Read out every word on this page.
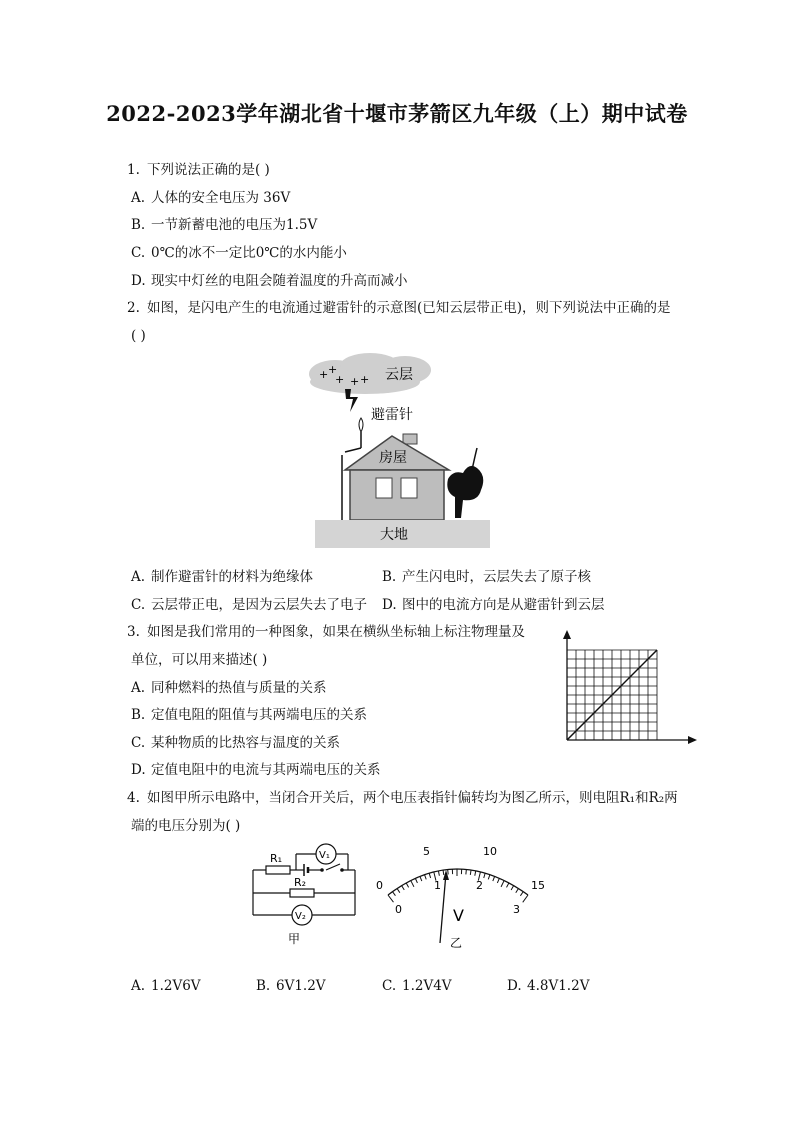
2022-2023学年湖北省十堰市茅箭区九年级（上）期中试卷
1. 下列说法正确的是( )
A. 人体的安全电压为 36V
B. 一节新蓄电池的电压为1.5V
C. 0℃的冰不一定比0℃的水内能小
D. 现实中灯丝的电阻会随着温度的升高而减小
2. 如图，是闪电产生的电流通过避雷针的示意图(已知云层带正电)，则下列说法中正确的是
( )
+ +
+ + + 云层
避雷针
房屋
大地
A. 制作避雷针的材料为绝缘体	B. 产生闪电时，云层失去了原子核
C. 云层带正电，是因为云层失去了电子 D. 图中的电流方向是从避雷针到云层
3. 如图是我们常用的一种图象，如果在横纵坐标轴上标注物理量及
单位，可以用来描述( )
A. 同种燃料的热值与质量的关系
B. 定值电阻的阻值与其两端电压的关系
C. 某种物质的比热容与温度的关系
D. 定值电阻中的电流与其两端电压的关系
4. 如图甲所示电路中，当闭合开关后，两个电压表指针偏转均为图乙所示，则电阻R₁和R₂两
端的电压分别为( )
R₁
R₂
V₁
V₂
甲
0
5	10
15
0
1	2
3
V
乙
A. 1.2V6V	B. 6V1.2V	C. 1.2V4V	D. 4.8V1.2V
